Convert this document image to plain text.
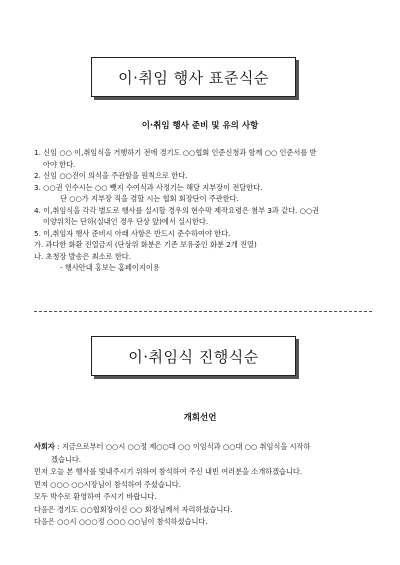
이·취임 행사 표준식순
이·취임 행사 준비 및 유의 사항
1. 신임 ○○ 이,취임식을 거행하기 전에 경기도 ○○협회 인준신청과 함께 ○○ 인준서를 받
아야 한다.
2. 신임 ○○진이 의식을 주관함을 원칙으로 한다.
3. ○○권 인수시는 ○○ 뺏지 수여식과 사정기는 해당 지부장이 전달한다.
단 ○○가 지부장 직을 겸할 시는 협회 회장단이 주관한다.
4. 이,취임식을 각각 별도로 행사를 실시할 경우의 현수막 제작요령은 첨부 3과 같다. ○○권
이양위치는 단하(실내인 경우 단상 앞)에서 실시한다.
5. 이,취임자 행사 준비시 아래 사항은 반드시 준수하여야 한다.
가. 과다한 화환 진열금지 (단상위 화분은 기존 보유중인 화분 2개 진열)
나. 초청장 발송은 최소로 한다.
- 행사안내 홍보는 홈페이지이용
이·취임식 진행식순
개회선언
사회자 : 지금으로부터 ○○시 ○○정 제○○대 ○○ 이임식과 ○○대 ○○ 취임식을 시작하
겠습니다.
먼저 오늘 본 행사를 빛내주시기 위하여 참석하여 주신 내빈 여러분을 소개하겠습니다.
먼저 ○○○ ○○시장님이 참석하여 주셨습니다.
모두 박수로 환영하여 주시기 바랍니다.
다음은 경기도 ○○협회장이신 ○○ 회장님께서 자리하셨습니다.
다음은 ○○시 ○○○정 ○○○ ○○님이 참석하셨습니다.
